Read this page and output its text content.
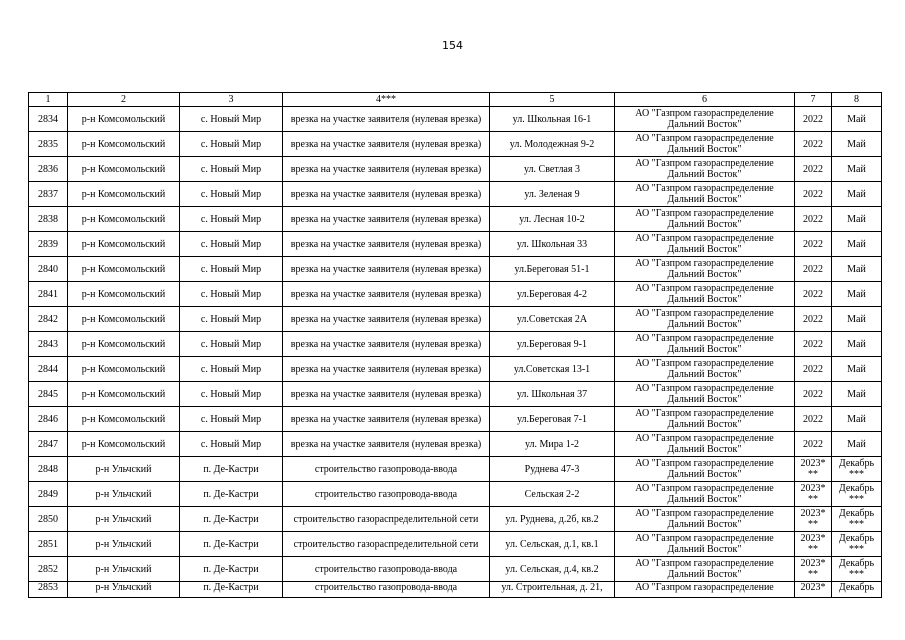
154
1	2	3	4***	5	6	7	8
2834	р-н Комсомольский	с. Новый Мир	врезка на участке заявителя (нулевая врезка)	ул. Школьная 16-1	АО "Газпром газораспределение Дальний Восток"	2022	Май
2835	р-н Комсомольский	с. Новый Мир	врезка на участке заявителя (нулевая врезка)	ул. Молодежная 9-2	АО "Газпром газораспределение Дальний Восток"	2022	Май
2836	р-н Комсомольский	с. Новый Мир	врезка на участке заявителя (нулевая врезка)	ул. Светлая 3	АО "Газпром газораспределение Дальний Восток"	2022	Май
2837	р-н Комсомольский	с. Новый Мир	врезка на участке заявителя (нулевая врезка)	ул. Зеленая 9	АО "Газпром газораспределение Дальний Восток"	2022	Май
2838	р-н Комсомольский	с. Новый Мир	врезка на участке заявителя (нулевая врезка)	ул. Лесная 10-2	АО "Газпром газораспределение Дальний Восток"	2022	Май
2839	р-н Комсомольский	с. Новый Мир	врезка на участке заявителя (нулевая врезка)	ул. Школьная 33	АО "Газпром газораспределение Дальний Восток"	2022	Май
2840	р-н Комсомольский	с. Новый Мир	врезка на участке заявителя (нулевая врезка)	ул.Береговая 51-1	АО "Газпром газораспределение Дальний Восток"	2022	Май
2841	р-н Комсомольский	с. Новый Мир	врезка на участке заявителя (нулевая врезка)	ул.Береговая 4-2	АО "Газпром газораспределение Дальний Восток"	2022	Май
2842	р-н Комсомольский	с. Новый Мир	врезка на участке заявителя (нулевая врезка)	ул.Советская 2А	АО "Газпром газораспределение Дальний Восток"	2022	Май
2843	р-н Комсомольский	с. Новый Мир	врезка на участке заявителя (нулевая врезка)	ул.Береговая 9-1	АО "Газпром газораспределение Дальний Восток"	2022	Май
2844	р-н Комсомольский	с. Новый Мир	врезка на участке заявителя (нулевая врезка)	ул.Советская 13-1	АО "Газпром газораспределение Дальний Восток"	2022	Май
2845	р-н Комсомольский	с. Новый Мир	врезка на участке заявителя (нулевая врезка)	ул. Школьная 37	АО "Газпром газораспределение Дальний Восток"	2022	Май
2846	р-н Комсомольский	с. Новый Мир	врезка на участке заявителя (нулевая врезка)	ул.Береговая 7-1	АО "Газпром газораспределение Дальний Восток"	2022	Май
2847	р-н Комсомольский	с. Новый Мир	врезка на участке заявителя (нулевая врезка)	ул. Мира 1-2	АО "Газпром газораспределение Дальний Восток"	2022	Май
2848	р-н Ульчский	п. Де-Кастри	строительство газопровода-ввода	Руднева 47-3	АО "Газпром газораспределение Дальний Восток"	2023* **	Декабрь ***
2849	р-н Ульчский	п. Де-Кастри	строительство газопровода-ввода	Сельская 2-2	АО "Газпром газораспределение Дальний Восток"	2023* **	Декабрь ***
2850	р-н Ульчский	п. Де-Кастри	строительство газораспределительной сети	ул. Руднева, д.2б, кв.2	АО "Газпром газораспределение Дальний Восток"	2023* **	Декабрь ***
2851	р-н Ульчский	п. Де-Кастри	строительство газораспределительной сети	ул. Сельская, д.1, кв.1	АО "Газпром газораспределение Дальний Восток"	2023* **	Декабрь ***
2852	р-н Ульчский	п. Де-Кастри	строительство газопровода-ввода	ул. Сельская, д.4, кв.2	АО "Газпром газораспределение Дальний Восток"	2023* **	Декабрь ***
2853	р-н Ульчский	п. Де-Кастри	строительство газопровода-ввода	ул. Строительная, д. 21,	АО "Газпром газораспределение	2023*	Декабрь
